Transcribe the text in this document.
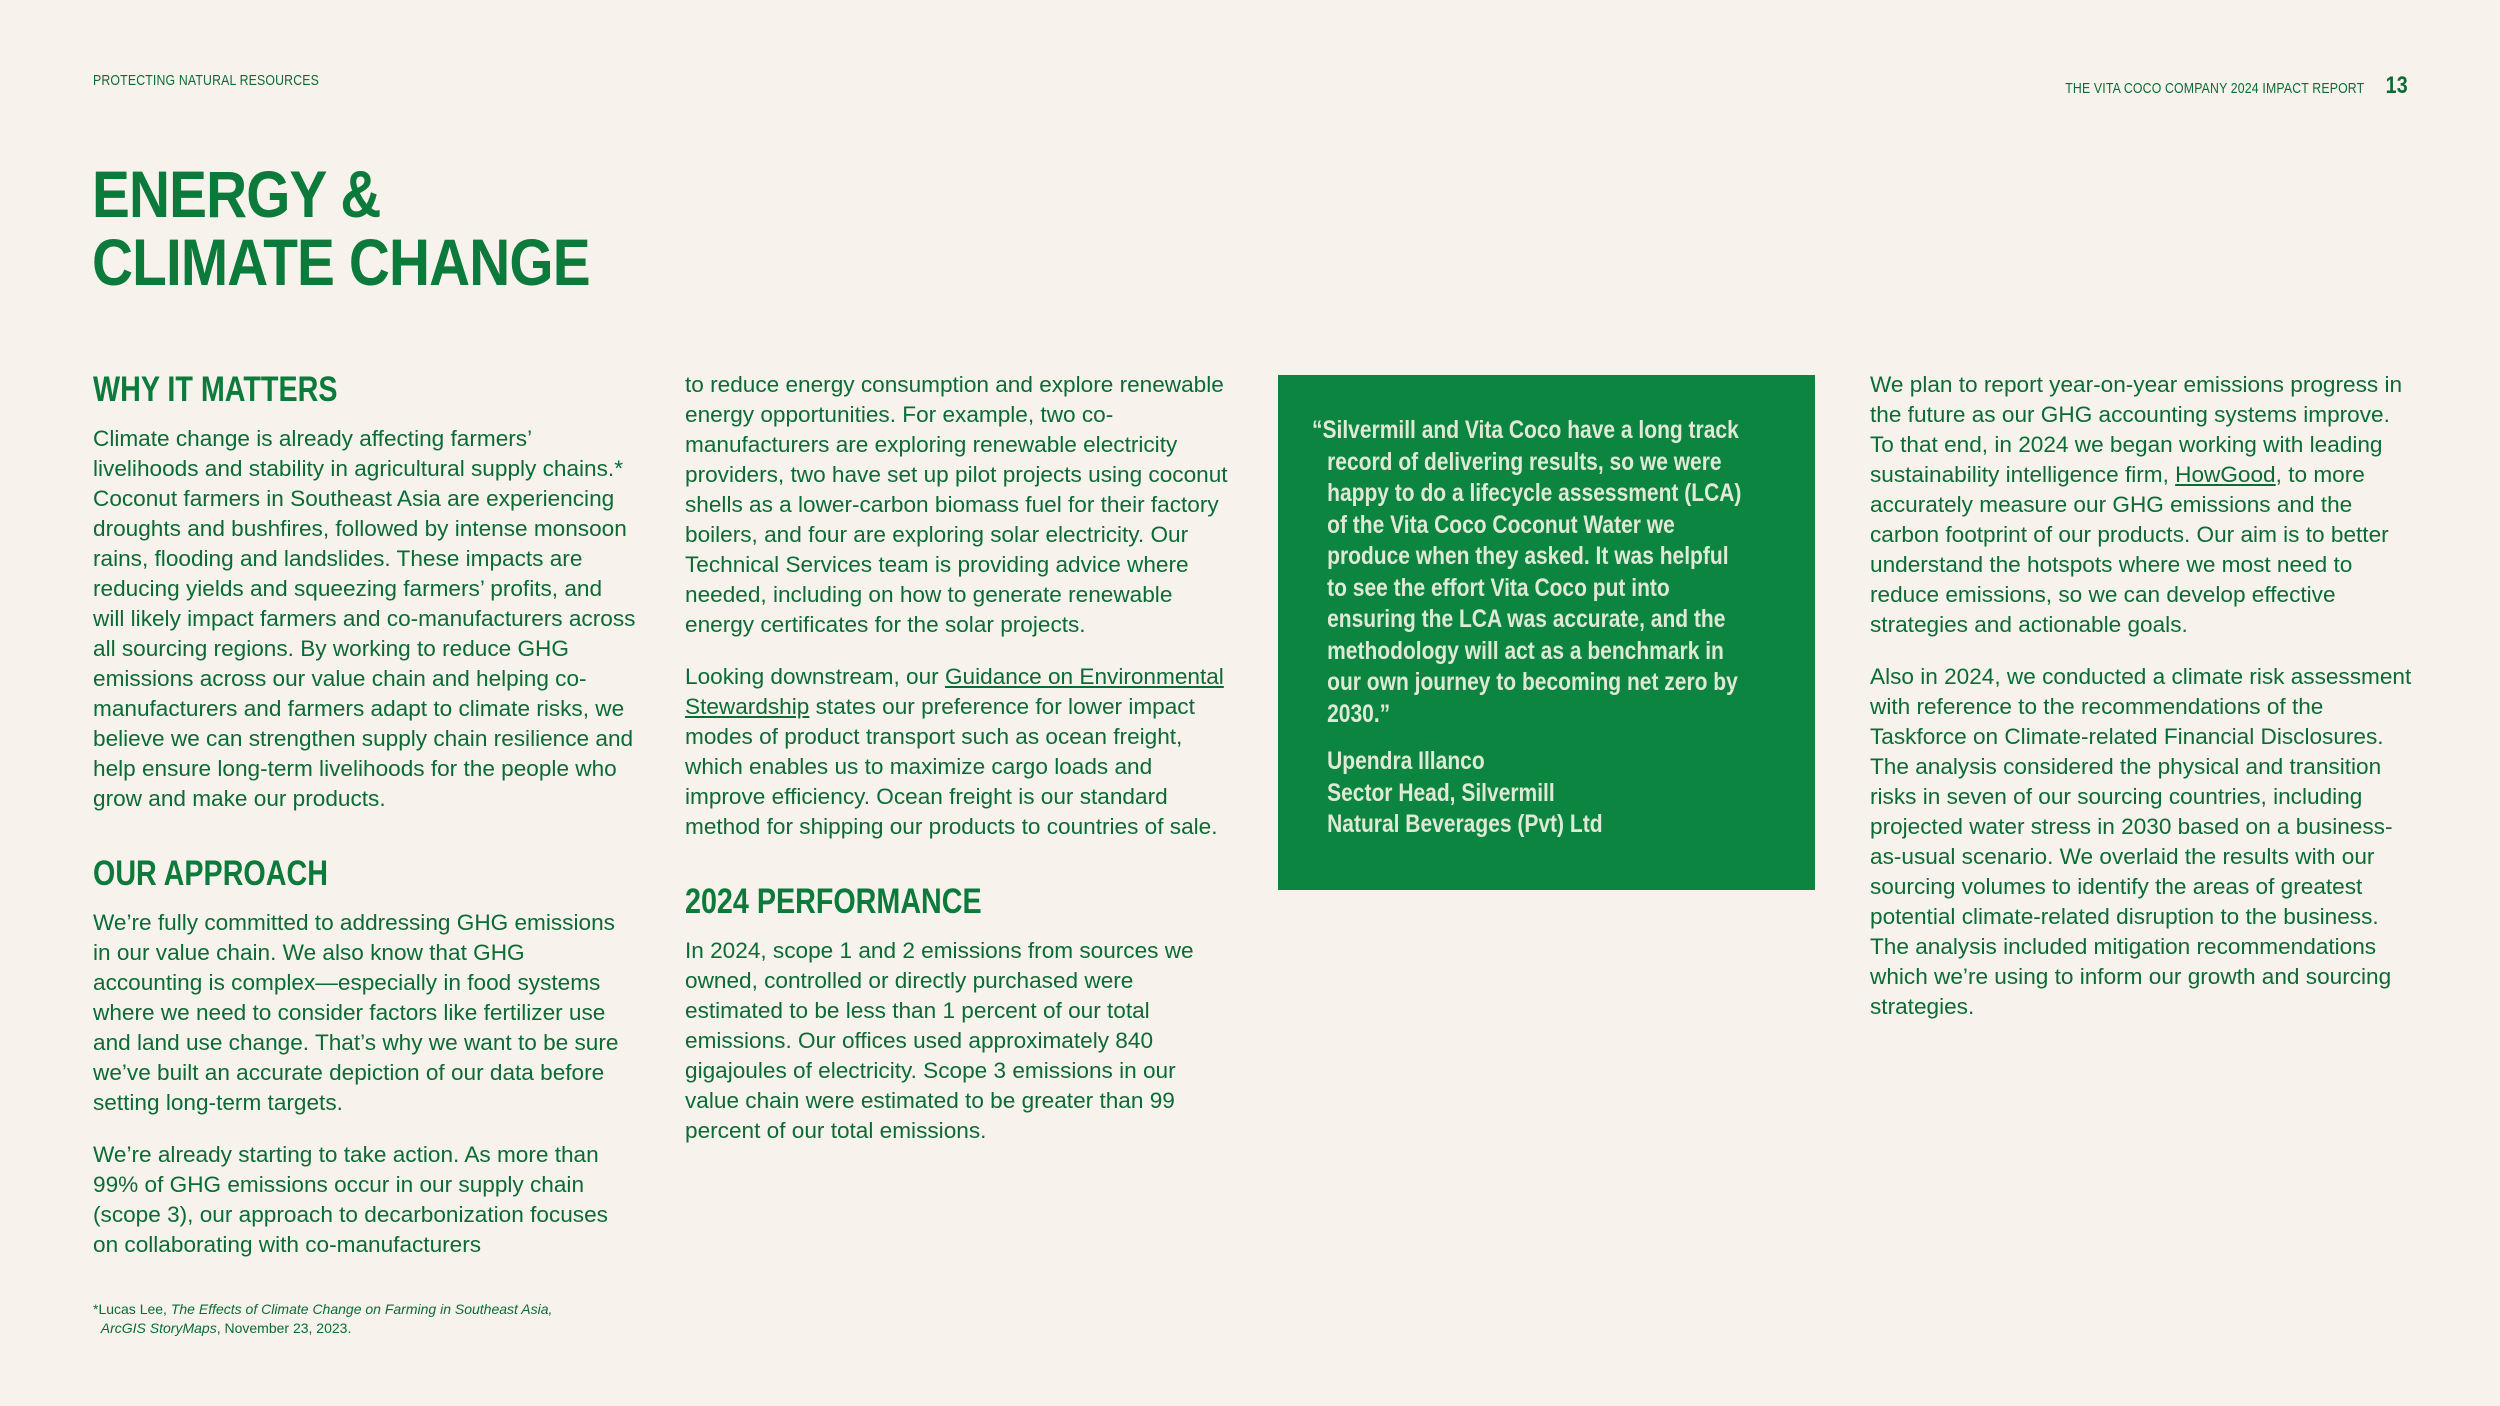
PROTECTING NATURAL RESOURCES	THE VITA COCO COMPANY 2024 IMPACT REPORT 13
ENERGY &
CLIMATE CHANGE
WHY IT MATTERS

Climate change is already affecting farmers’ livelihoods and stability in agricultural supply chains.* Coconut farmers in Southeast Asia are experiencing droughts and bushfires, followed by intense monsoon rains, flooding and landslides. These impacts are reducing yields and squeezing farmers’ profits, and will likely impact farmers and co-manufacturers across all sourcing regions. By working to reduce GHG emissions across our value chain and helping co-manufacturers and farmers adapt to climate risks, we believe we can strengthen supply chain resilience and help ensure long-term livelihoods for the people who grow and make our products.

OUR APPROACH

We’re fully committed to addressing GHG emissions in our value chain. We also know that GHG accounting is complex—especially in food systems where we need to consider factors like fertilizer use and land use change. That’s why we want to be sure we’ve built an accurate depiction of our data before setting long-term targets.

We’re already starting to take action. As more than 99% of GHG emissions occur in our supply chain (scope 3), our approach to decarbonization focuses on collaborating with co-manufacturers

to reduce energy consumption and explore renewable energy opportunities. For example, two co-manufacturers are exploring renewable electricity providers, two have set up pilot projects using coconut shells as a lower-carbon biomass fuel for their factory boilers, and four are exploring solar electricity. Our Technical Services team is providing advice where needed, including on how to generate renewable energy certificates for the solar projects.

Looking downstream, our Guidance on Environmental Stewardship states our preference for lower impact modes of product transport such as ocean freight, which enables us to maximize cargo loads and improve efficiency. Ocean freight is our standard method for shipping our products to countries of sale.

2024 PERFORMANCE

In 2024, scope 1 and 2 emissions from sources we owned, controlled or directly purchased were estimated to be less than 1 percent of our total emissions. Our offices used approximately 840 gigajoules of electricity. Scope 3 emissions in our value chain were estimated to be greater than 99 percent of our total emissions.

“Silvermill and Vita Coco have a long track record of delivering results, so we were happy to do a lifecycle assessment (LCA) of the Vita Coco Coconut Water we produce when they asked. It was helpful to see the effort Vita Coco put into ensuring the LCA was accurate, and the methodology will act as a benchmark in our own journey to becoming net zero by 2030.”

Upendra Illanco

Sector Head, Silvermill

Natural Beverages (Pvt) Ltd

We plan to report year-on-year emissions progress in the future as our GHG accounting systems improve. To that end, in 2024 we began working with leading sustainability intelligence firm, HowGood, to more accurately measure our GHG emissions and the carbon footprint of our products. Our aim is to better understand the hotspots where we most need to reduce emissions, so we can develop effective strategies and actionable goals.

Also in 2024, we conducted a climate risk assessment with reference to the recommendations of the Taskforce on Climate-related Financial Disclosures. The analysis considered the physical and transition risks in seven of our sourcing countries, including projected water stress in 2030 based on a business-as-usual scenario. We overlaid the results with our sourcing volumes to identify the areas of greatest potential climate-related disruption to the business. The analysis included mitigation recommendations which we’re using to inform our growth and sourcing strategies.

*Lucas Lee, The Effects of Climate Change on Farming in Southeast Asia,
ArcGIS StoryMaps, November 23, 2023.
